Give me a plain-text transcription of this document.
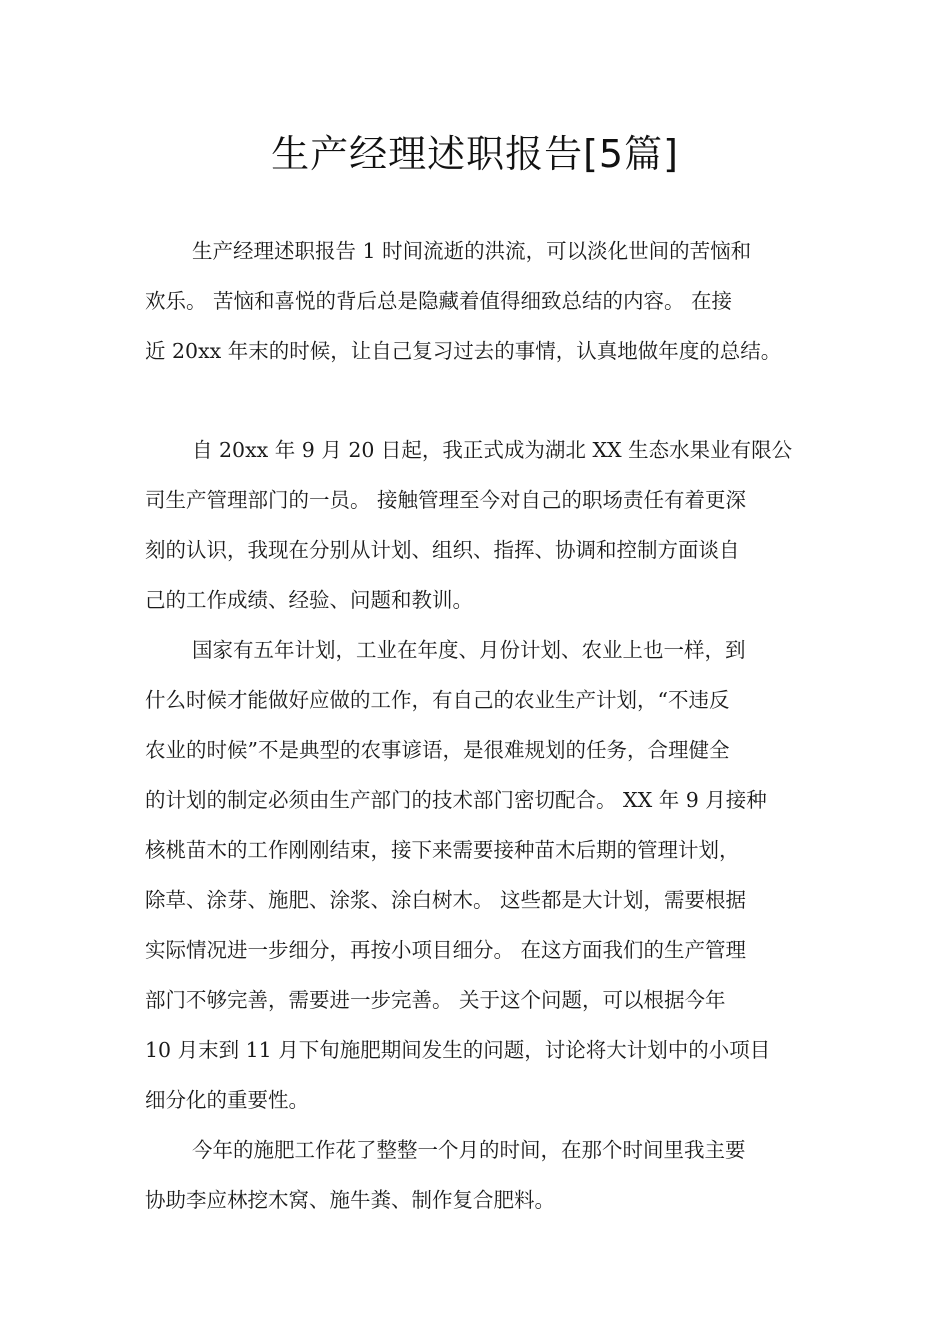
生产经理述职报告[5篇]
生产经理述职报告 1 时间流逝的洪流，可以淡化世间的苦恼和
欢乐。 苦恼和喜悦的背后总是隐藏着值得细致总结的内容。 在接
近 20xx 年末的时候，让自己复习过去的事情，认真地做年度的总结。
自 20xx 年 9 月 20 日起，我正式成为湖北 XX 生态水果业有限公
司生产管理部门的一员。 接触管理至今对自己的职场责任有着更深
刻的认识，我现在分别从计划、组织、指挥、协调和控制方面谈自
己的工作成绩、经验、问题和教训。
国家有五年计划，工业在年度、月份计划、农业上也一样，到
什么时候才能做好应做的工作，有自己的农业生产计划，“不违反
农业的时候”不是典型的农事谚语，是很难规划的任务，合理健全
的计划的制定必须由生产部门的技术部门密切配合。 XX 年 9 月接种
核桃苗木的工作刚刚结束，接下来需要接种苗木后期的管理计划，
除草、涂芽、施肥、涂浆、涂白树木。 这些都是大计划，需要根据
实际情况进一步细分，再按小项目细分。 在这方面我们的生产管理
部门不够完善，需要进一步完善。 关于这个问题，可以根据今年
10 月末到 11 月下旬施肥期间发生的问题，讨论将大计划中的小项目
细分化的重要性。
今年的施肥工作花了整整一个月的时间，在那个时间里我主要
协助李应林挖木窝、施牛粪、制作复合肥料。
